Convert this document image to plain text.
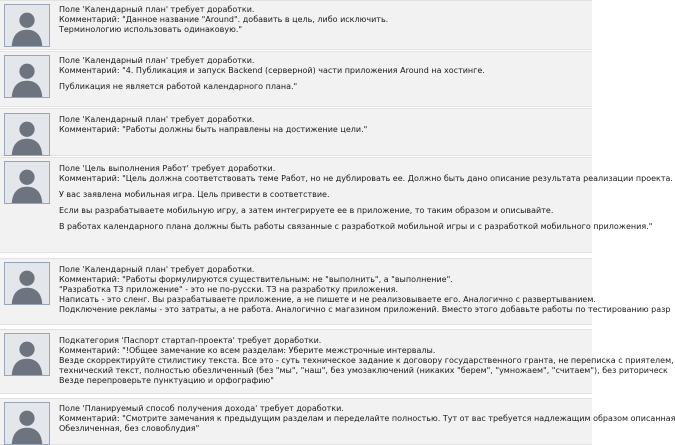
Поле 'Календарный план' требует доработки.
Комментарий: "Данное название "Around". добавить в цель, либо исключить.
Терминологию использовать одинаковую."
Поле 'Календарный план' требует доработки.
Комментарий: "4. Публикация и запуск Backend (серверной) части приложения Around на хостинге.
Публикация не является работой календарного плана."
Поле 'Календарный план' требует доработки.
Комментарий: "Работы должны быть направлены на достижение цели."
Поле 'Цель выполнения Работ' требует доработки.
Комментарий: "Цель должна соответствовать теме Работ, но не дублировать ее. Должно быть дано описание результата реализации проекта.
У вас заявлена мобильная игра. Цель привести в соответствие.
Если вы разрабатываете мобильную игру, а затем интегрируете ее в приложение, то таким образом и описывайте.
В работах календарного плана должны быть работы связанные с разработкой мобильной игры и с разработкой мобильного приложения."
Поле 'Календарный план' требует доработки.
Комментарий: "Работы формулируются существительным: не "выполнить", а "выполнение".
"Разработка ТЗ приложение" - это не по-русски. ТЗ на разработку приложения.
Написать - это сленг. Вы разрабатываете приложение, а не пишете и не реализовываете его. Аналогично с развертыванием.
Подключение рекламы - это затраты, а не работа. Аналогично с магазином приложений. Вместо этого добавьте работы по тестированию разр
Подкатегория 'Паспорт стартап-проекта' требует доработки.
Комментарий: "!Общее замечание ко всем разделам: Уберите межстрочные интервалы.
Везде скорректируйте стилистику текста. Все это - суть техническое задание к договору государственного гранта, не переписка с приятелем,
технический текст, полностью обезличенный (без "мы", "наш", без умозаключений (никаких "берем", "умножаем", "считаем"), без риторическ
Везде перепроверьте пунктуацию и орфографию"
Поле 'Планируемый способ получения дохода' требует доработки.
Комментарий: "Смотрите замечания к предыдущим разделам и переделайте полностью. Тут от вас требуется надлежащим образом описанная
Обезличенная, без словоблудия"
